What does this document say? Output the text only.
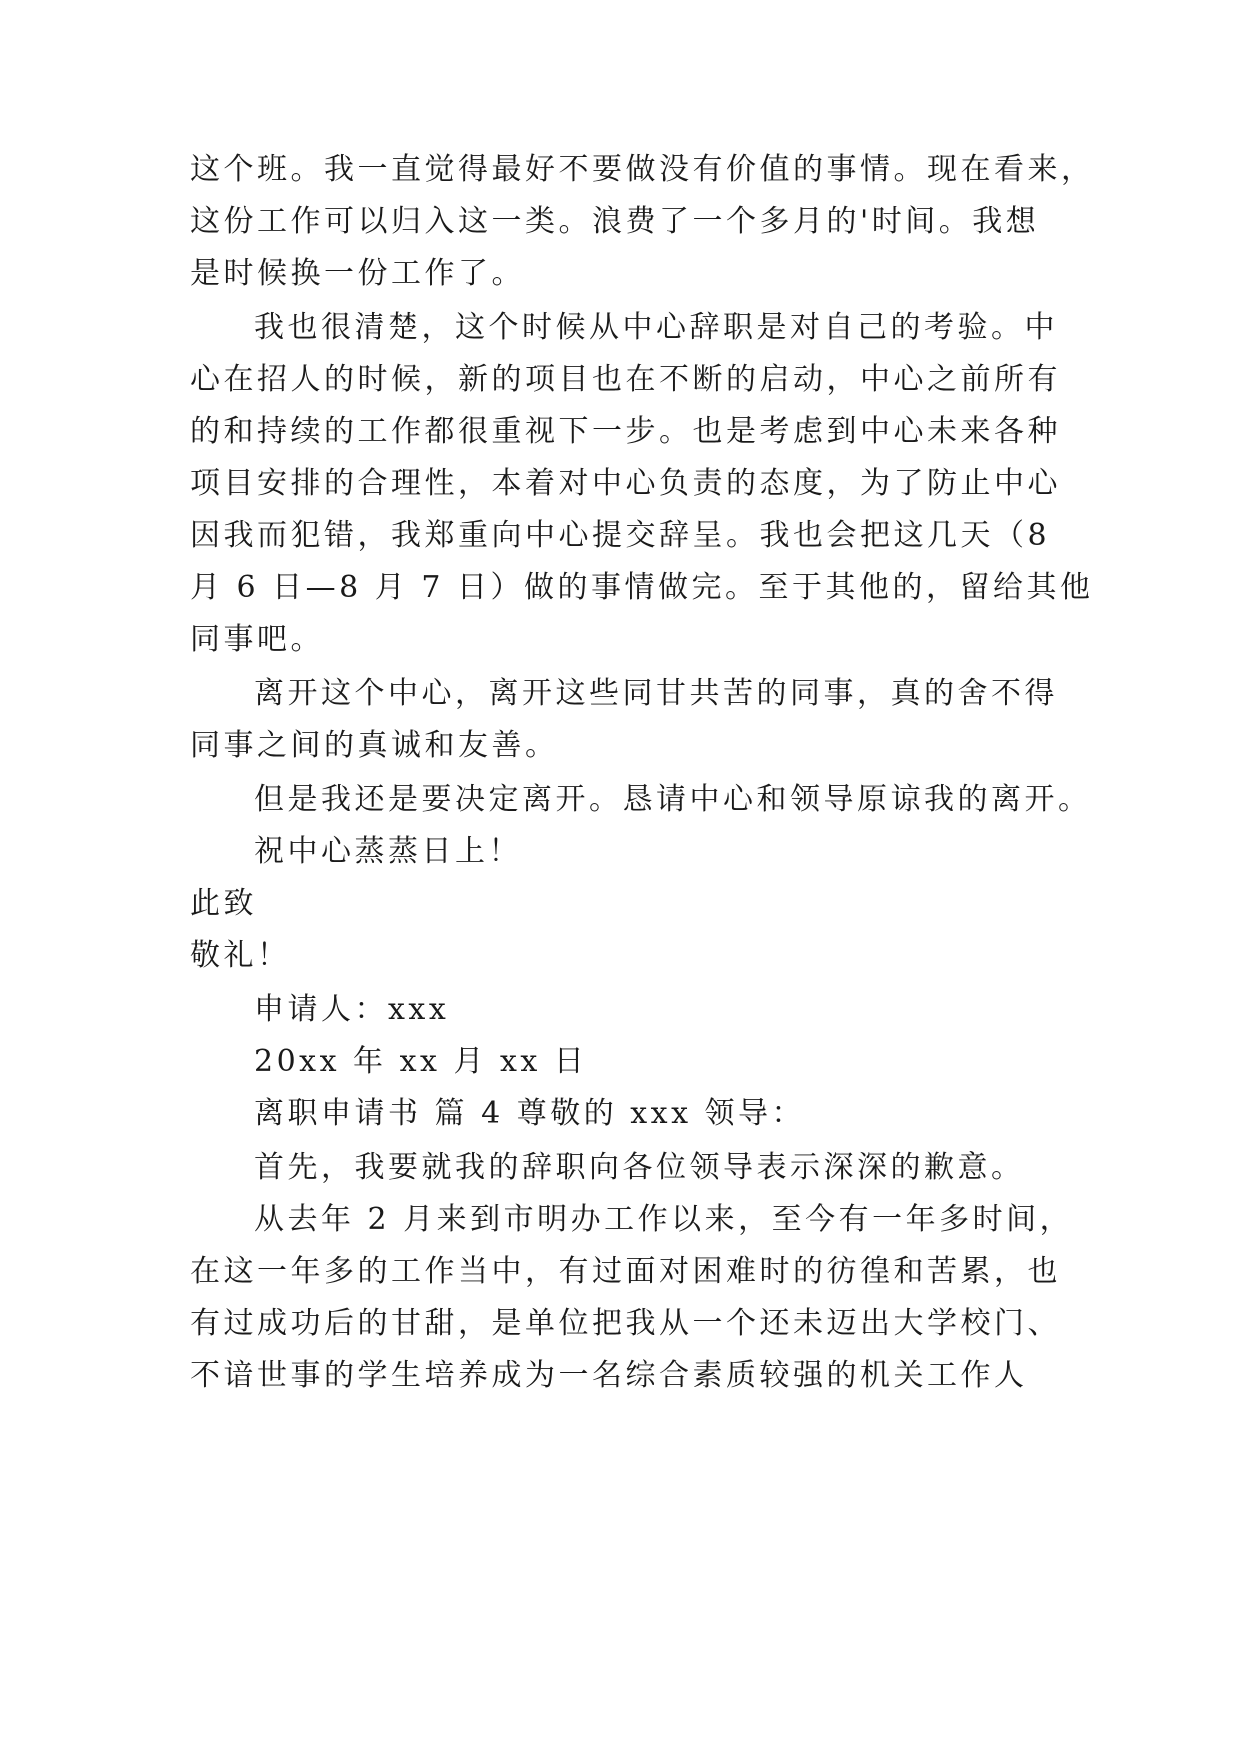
这个班。我一直觉得最好不要做没有价值的事情。现在看来，
这份工作可以归入这一类。浪费了一个多月的'时间。我想
是时候换一份工作了。
我也很清楚，这个时候从中心辞职是对自己的考验。中
心在招人的时候，新的项目也在不断的启动，中心之前所有
的和持续的工作都很重视下一步。也是考虑到中心未来各种
项目安排的合理性，本着对中心负责的态度，为了防止中心
因我而犯错，我郑重向中心提交辞呈。我也会把这几天（8
月 6 日—8 月 7 日）做的事情做完。至于其他的，留给其他
同事吧。
离开这个中心，离开这些同甘共苦的同事，真的舍不得
同事之间的真诚和友善。
但是我还是要决定离开。恳请中心和领导原谅我的离开。
祝中心蒸蒸日上！
此致
敬礼！
申请人：xxx
20xx 年 xx 月 xx 日
离职申请书 篇 4 尊敬的 xxx 领导：
首先，我要就我的辞职向各位领导表示深深的歉意。
从去年 2 月来到市明办工作以来，至今有一年多时间，
在这一年多的工作当中，有过面对困难时的彷徨和苦累，也
有过成功后的甘甜，是单位把我从一个还未迈出大学校门、
不谙世事的学生培养成为一名综合素质较强的机关工作人
